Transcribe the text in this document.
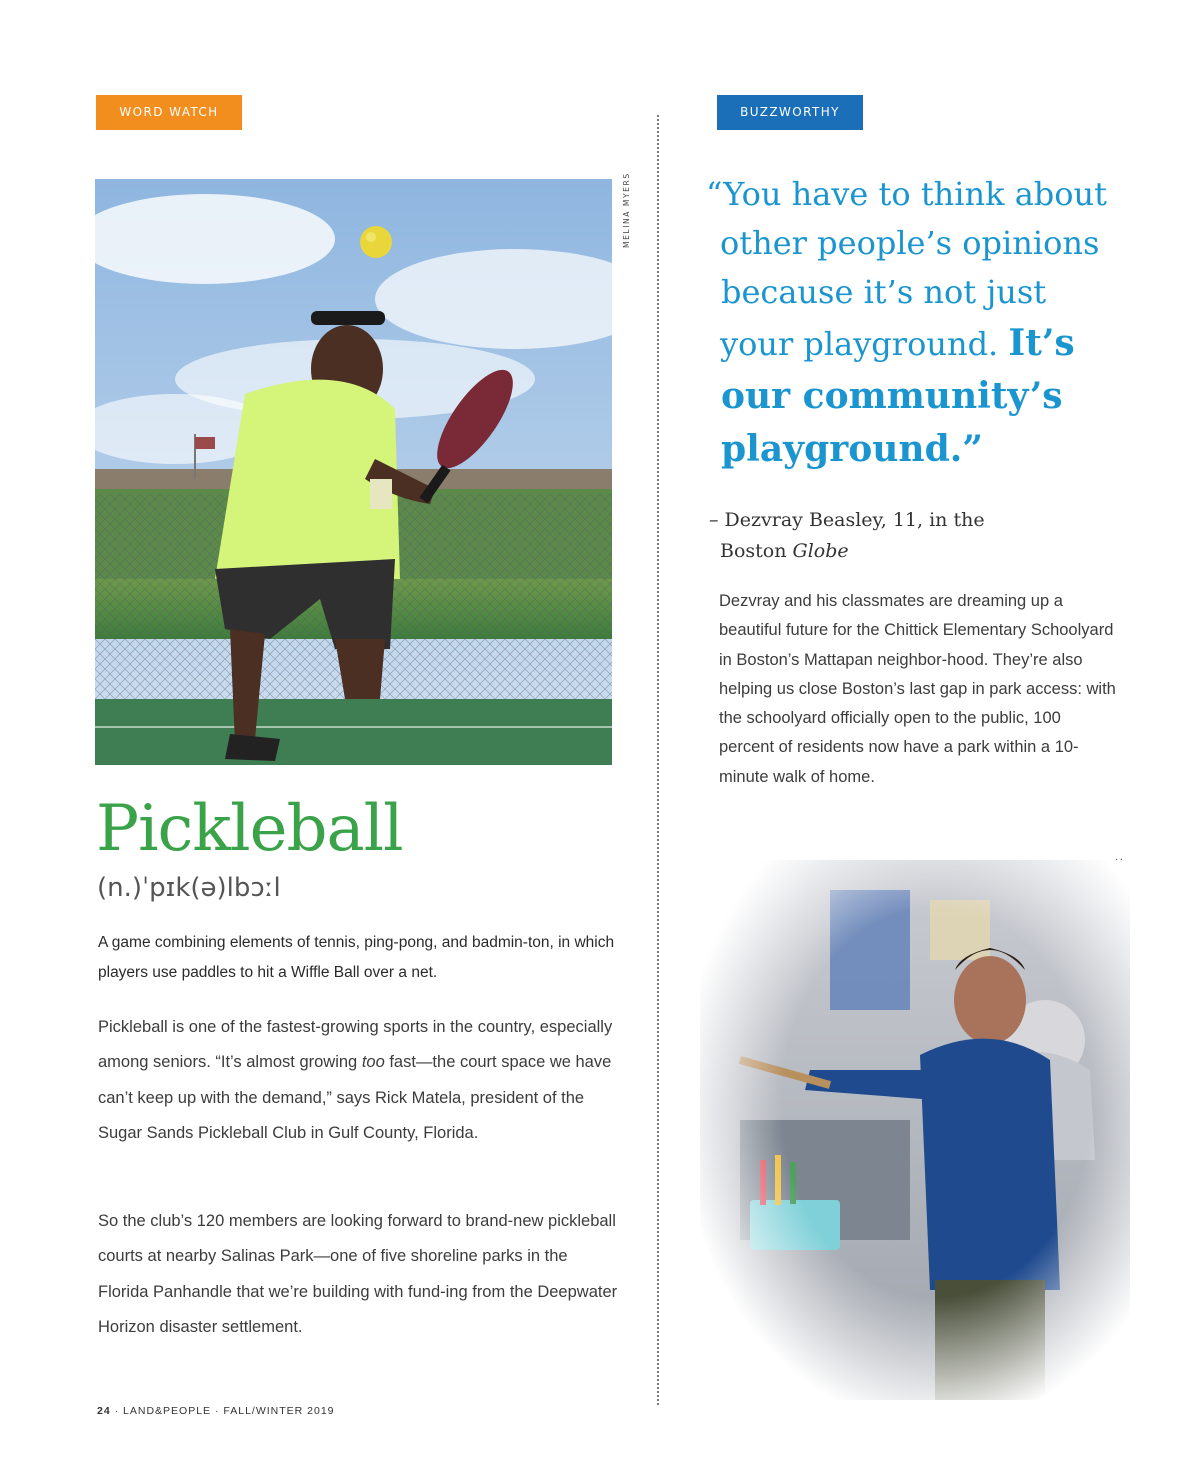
WORD WATCH	BUZZWORTHY
MELINA MYERS
Pickleball
(n.)ˈpɪk(ə)lbɔːl
A game combining elements of tennis, ping-pong, and badmin-ton, in which players use paddles to hit a Wiffle Ball over a net.

Pickleball is one of the fastest-growing sports in the country, especially among seniors. “It’s almost growing too fast—the court space we have can’t keep up with the demand,” says Rick Matela, president of the Sugar Sands Pickleball Club in Gulf County, Florida.

So the club’s 120 members are looking forward to brand-new pickleball courts at nearby Salinas Park—one of five shoreline parks in the Florida Panhandle that we’re building with fund-ing from the Deepwater Horizon disaster settlement.

24 · LAND&PEOPLE · FALL/WINTER 2019
“You have to think about
other people’s opinions
because it’s not just
your playground. It’s
our community’s
playground.”
– Dezvray Beasley, 11, in the
Boston Globe

Dezvray and his classmates are dreaming up a beautiful future for the Chittick Elementary Schoolyard in Boston’s Mattapan neighbor-hood. They’re also helping us close Boston’s last gap in park access: with the schoolyard officially open to the public, 100 percent of residents now have a park within a 10-minute walk of home.
